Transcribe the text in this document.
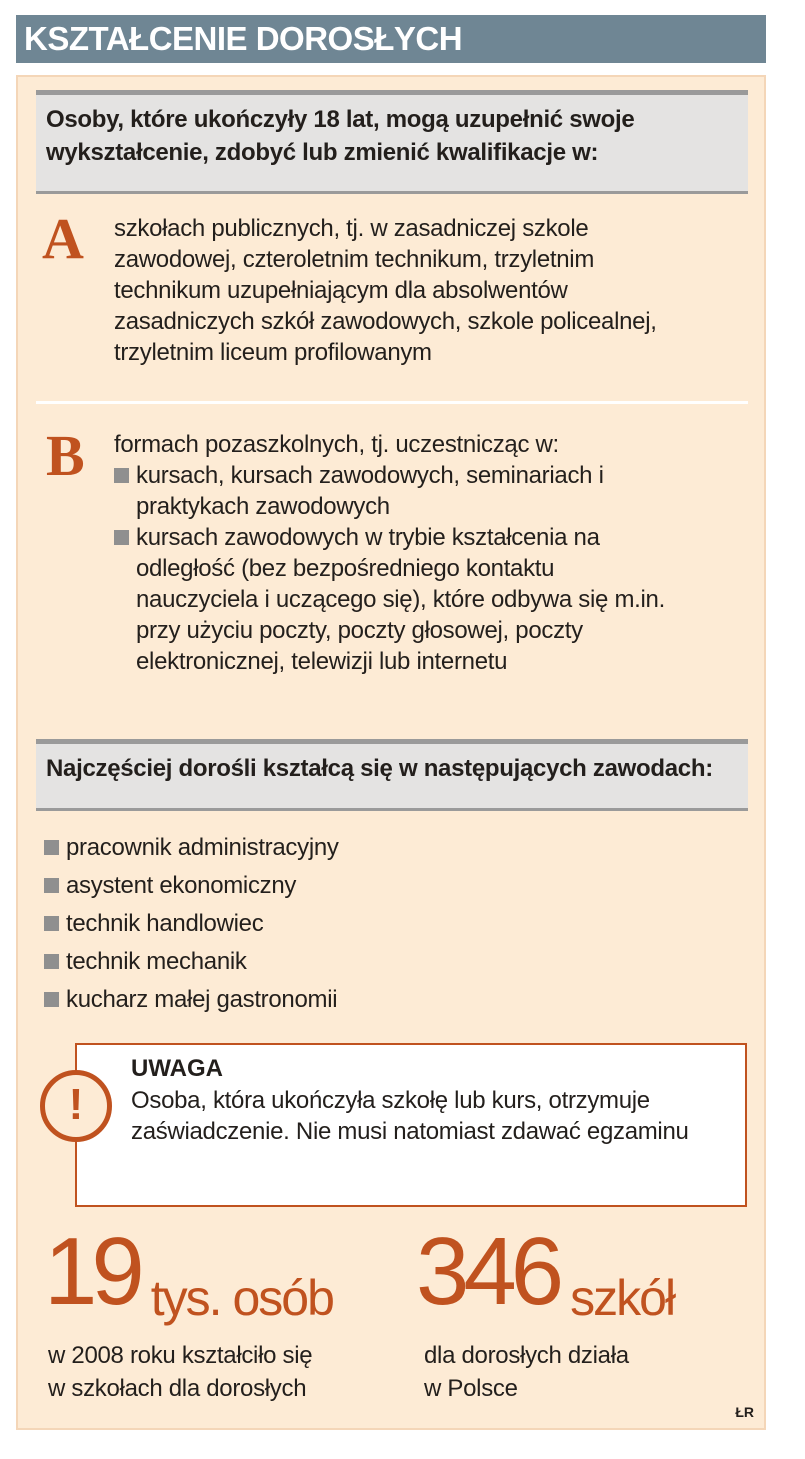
KSZTAŁCENIE DOROSŁYCH
Osoby, które ukończyły 18 lat, mogą uzupełnić swoje
wykształcenie, zdobyć lub zmienić kwalifikacje w:
A szkołach publicznych, tj. w zasadniczej szkole
zawodowej, czteroletnim technikum, trzyletnim
technikum uzupełniającym dla absolwentów
zasadniczych szkół zawodowych, szkole policealnej,
trzyletnim liceum profilowanym
B formach pozaszkolnych, tj. uczestnicząc w:
kursach, kursach zawodowych, seminariach i praktykach zawodowych
kursach zawodowych w trybie kształcenia na odległość (bez bezpośredniego kontaktu nauczyciela i uczącego się), które odbywa się m.in. przy użyciu poczty, poczty głosowej, poczty elektronicznej, telewizji lub internetu
Najczęściej dorośli kształcą się w następujących zawodach:
pracownik administracyjny
asystent ekonomiczny
technik handlowiec
technik mechanik
kucharz małej gastronomii
UWAGA
Osoba, która ukończyła szkołę lub kurs, otrzymuje zaświadczenie. Nie musi natomiast zdawać egzaminu
!
19 tys. osób
w 2008 roku kształciło się
w szkołach dla dorosłych
346 szkół
dla dorosłych działa
w Polsce
ŁR
